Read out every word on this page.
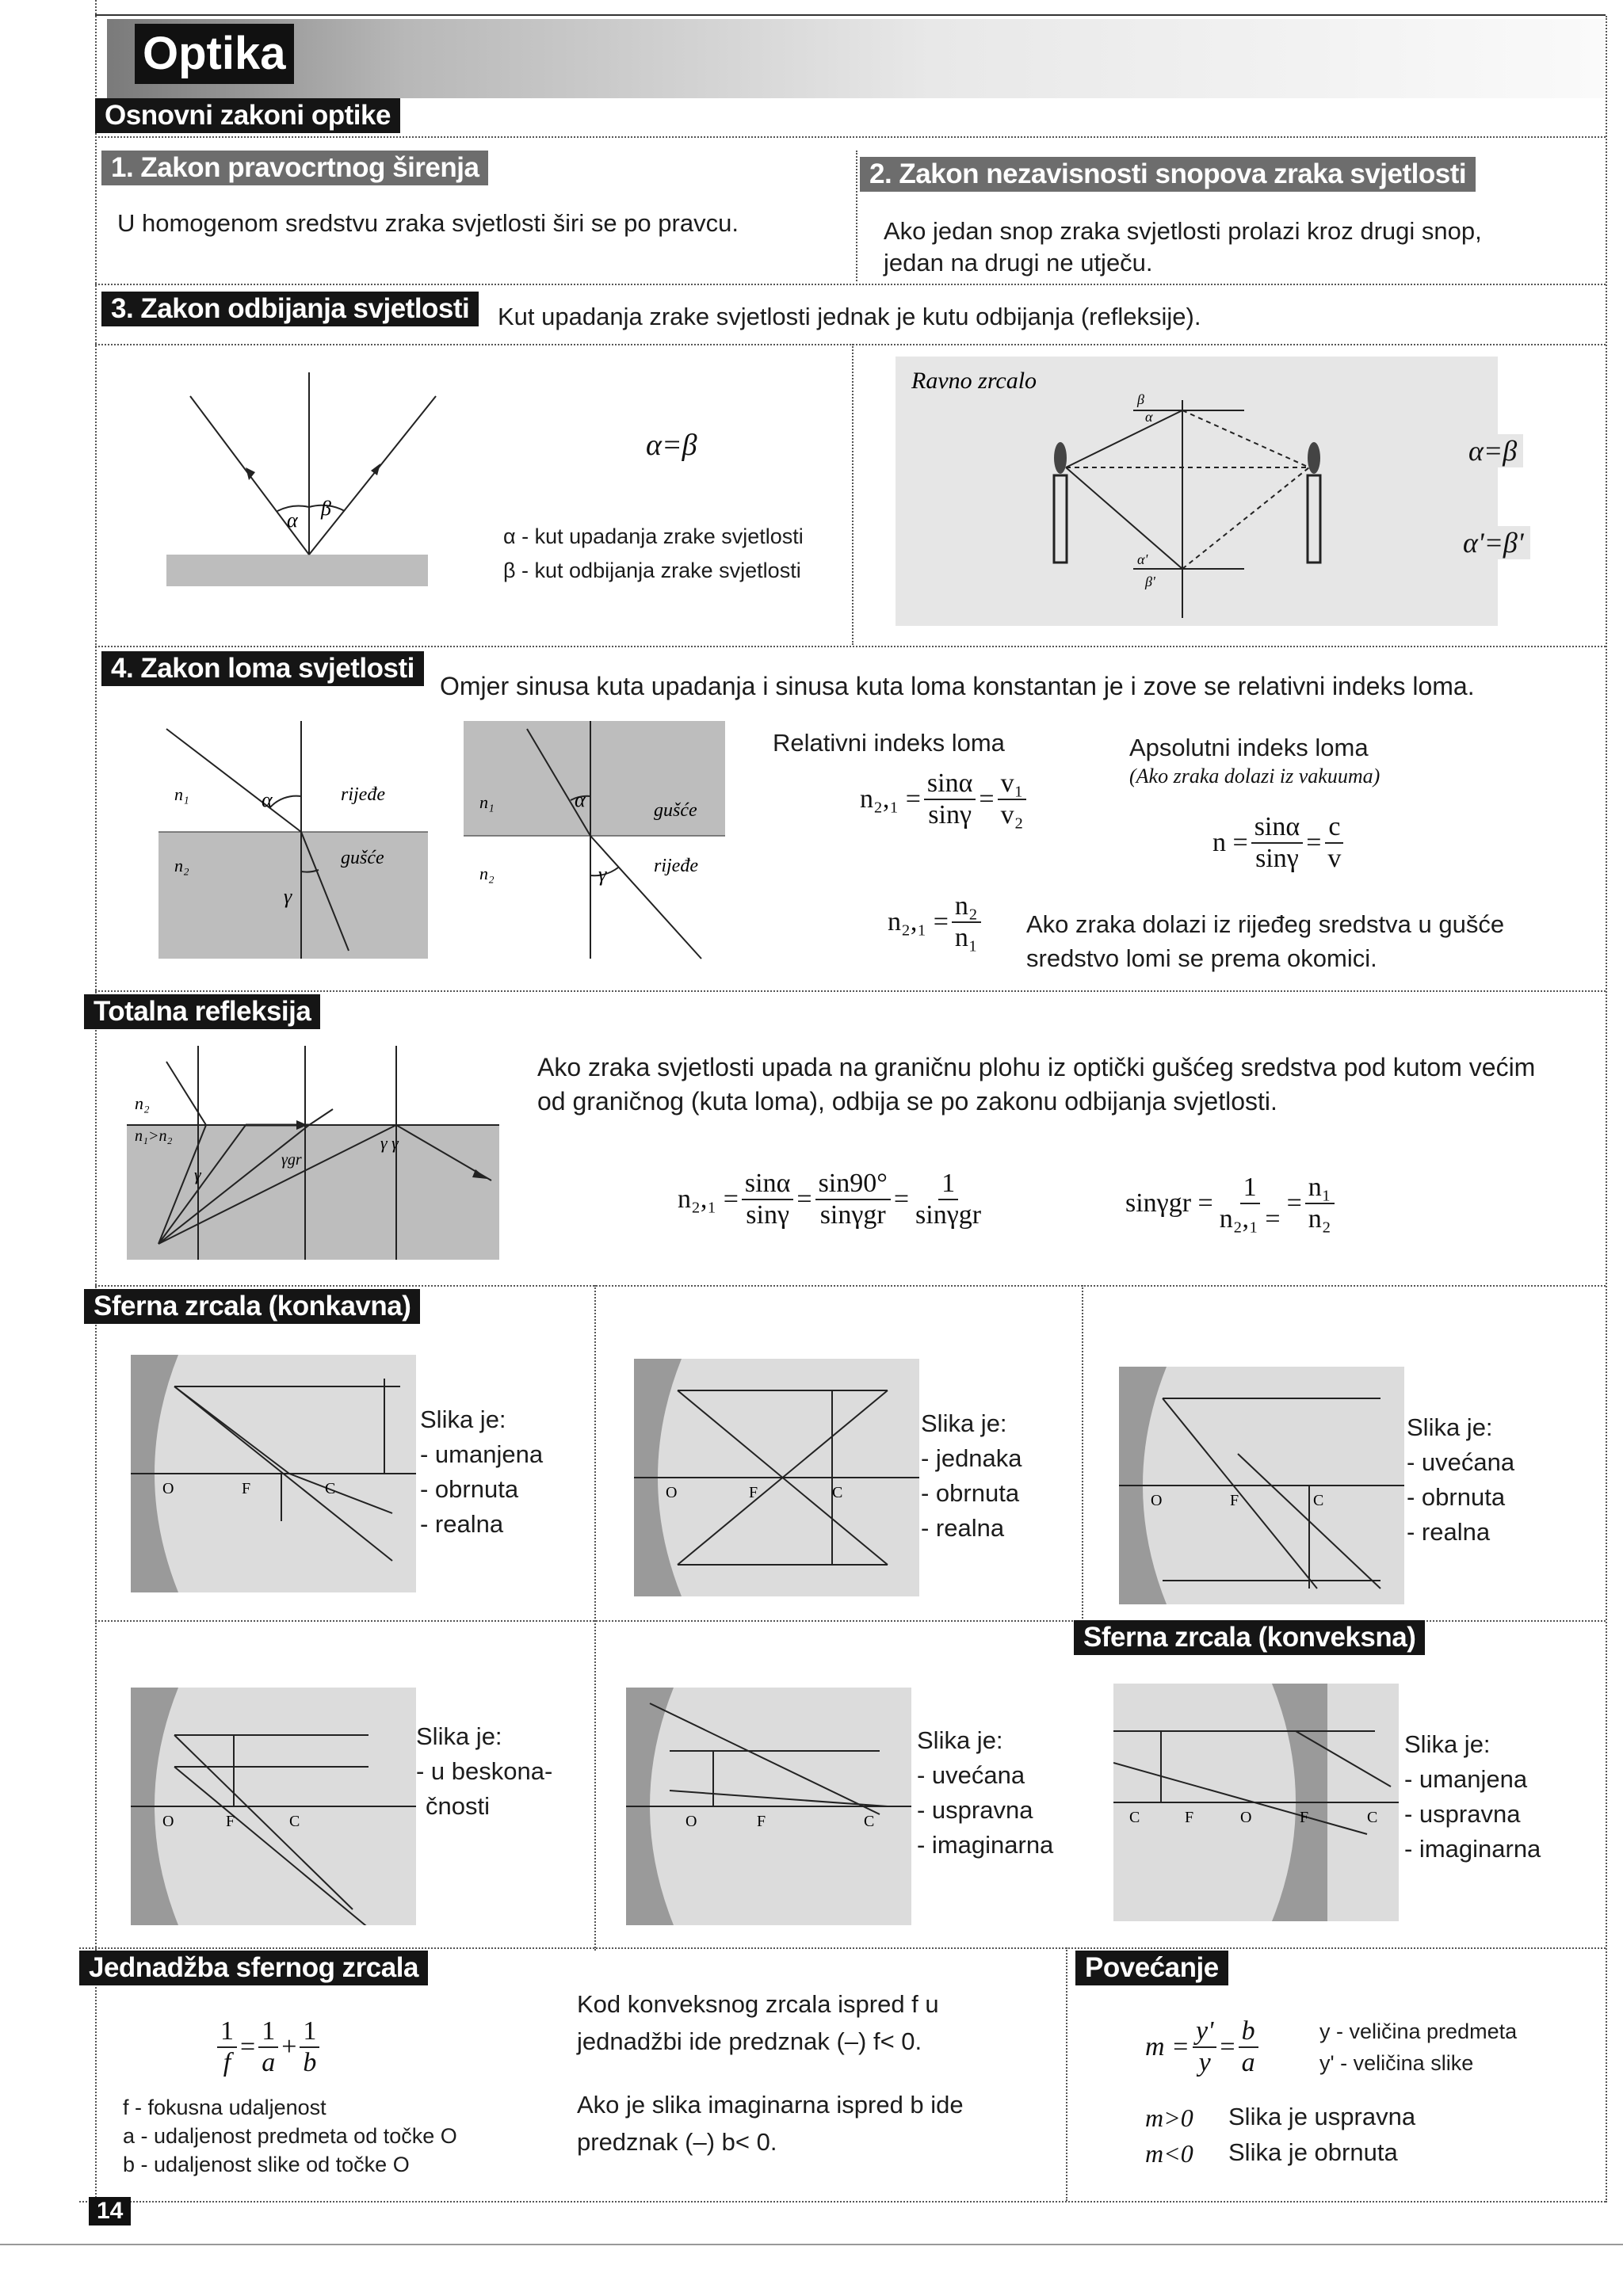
Optika
Osnovni zakoni optike
1. Zakon pravocrtnog širenja
U homogenom sredstvu zraka svjetlosti širi se po pravcu.
2. Zakon nezavisnosti snopova zraka svjetlosti
Ako jedan snop zraka svjetlosti prolazi kroz drugi snop,
jedan na drugi ne utječu.
3. Zakon odbijanja svjetlosti	Kut upadanja zrake svjetlosti jednak je kutu odbijanja (refleksije).
α
β
α=β
α - kut upadanja zrake svjetlosti
β - kut odbijanja zrake svjetlosti
Ravno zrcalo
β
α
α'
β'
α=β
α'=β'
4. Zakon loma svjetlosti
Omjer sinusa kuta upadanja i sinusa kuta loma konstantan je i zove se relativni indeks loma.
n₁
n₂
α
γ
rijeđe
gušće
n₁
n₂
α
γ
gušće
rijeđe
Relativni indeks loma
$n_2,_1 = \frac{\sin\alpha}{\sin\gamma} = \frac{\text{v₁}}{\text{v₂}}$
$n_2,_1 = \frac{\text{n₂}}{\text{n₁}}$
Apsolutni indeks loma
(Ako zraka dolazi iz vakuuma)
$n = \frac{\sin\alpha}{\sin\gamma} = \frac{c}{v}$
Ako zraka dolazi iz rijeđeg sredstva u gušće
sredstvo lomi se prema okomici.
Totalna refleksija
n₂
n₁>n₂
γ
γgr
γ γ
Ako zraka svjetlosti upada na graničnu plohu iz optički gušćeg sredstva pod kutom većim
od graničnog (kuta loma), odbija se po zakonu odbijanja svjetlosti.
$n_2,_1 = \frac{\sin\alpha}{\sin\gamma} = \frac{\sin 90^\circ}{\text{sinγgr}} = \frac{1}{\text{sinγgr}}$	$\sin\gamma gr = \frac{1}{\text{n₂,₁ =}} = \frac{\text{n₁}}{\text{n₂}}$
Sferna zrcala (konkavna)
O	F	C	O	F	C	O	F	C
O	F	C	O	F	C	C	F	O	F	C
Slika je:
- umanjena
- obrnuta
- realna
Slika je:
- jednaka
- obrnuta
- realna
Slika je:
- uvećana
- obrnuta
- realna
Slika je:
- u beskona-
čnosti
Slika je:
- uvećana
- uspravna
- imaginarna
Sferna zrcala (konveksna)
Slika je:
- umanjena
- uspravna
- imaginarna
Jednadžba sfernog zrcala
$\frac{1}{f} = \frac{1}{a} + \frac{1}{b}$
f - fokusna udaljenost
a - udaljenost predmeta od točke O
b - udaljenost slike od točke O
Kod konveksnog zrcala ispred f u
jednadžbi ide predznak (–) f< 0.
Ako je slika imaginarna ispred b ide
predznak (–) b< 0.
Povećanje
$m = \frac{y'}{y} = \frac{b}{a}$	y - veličina predmeta
y' - veličina slike
m>0 Slika je uspravna
m<0 Slika je obrnuta
14
